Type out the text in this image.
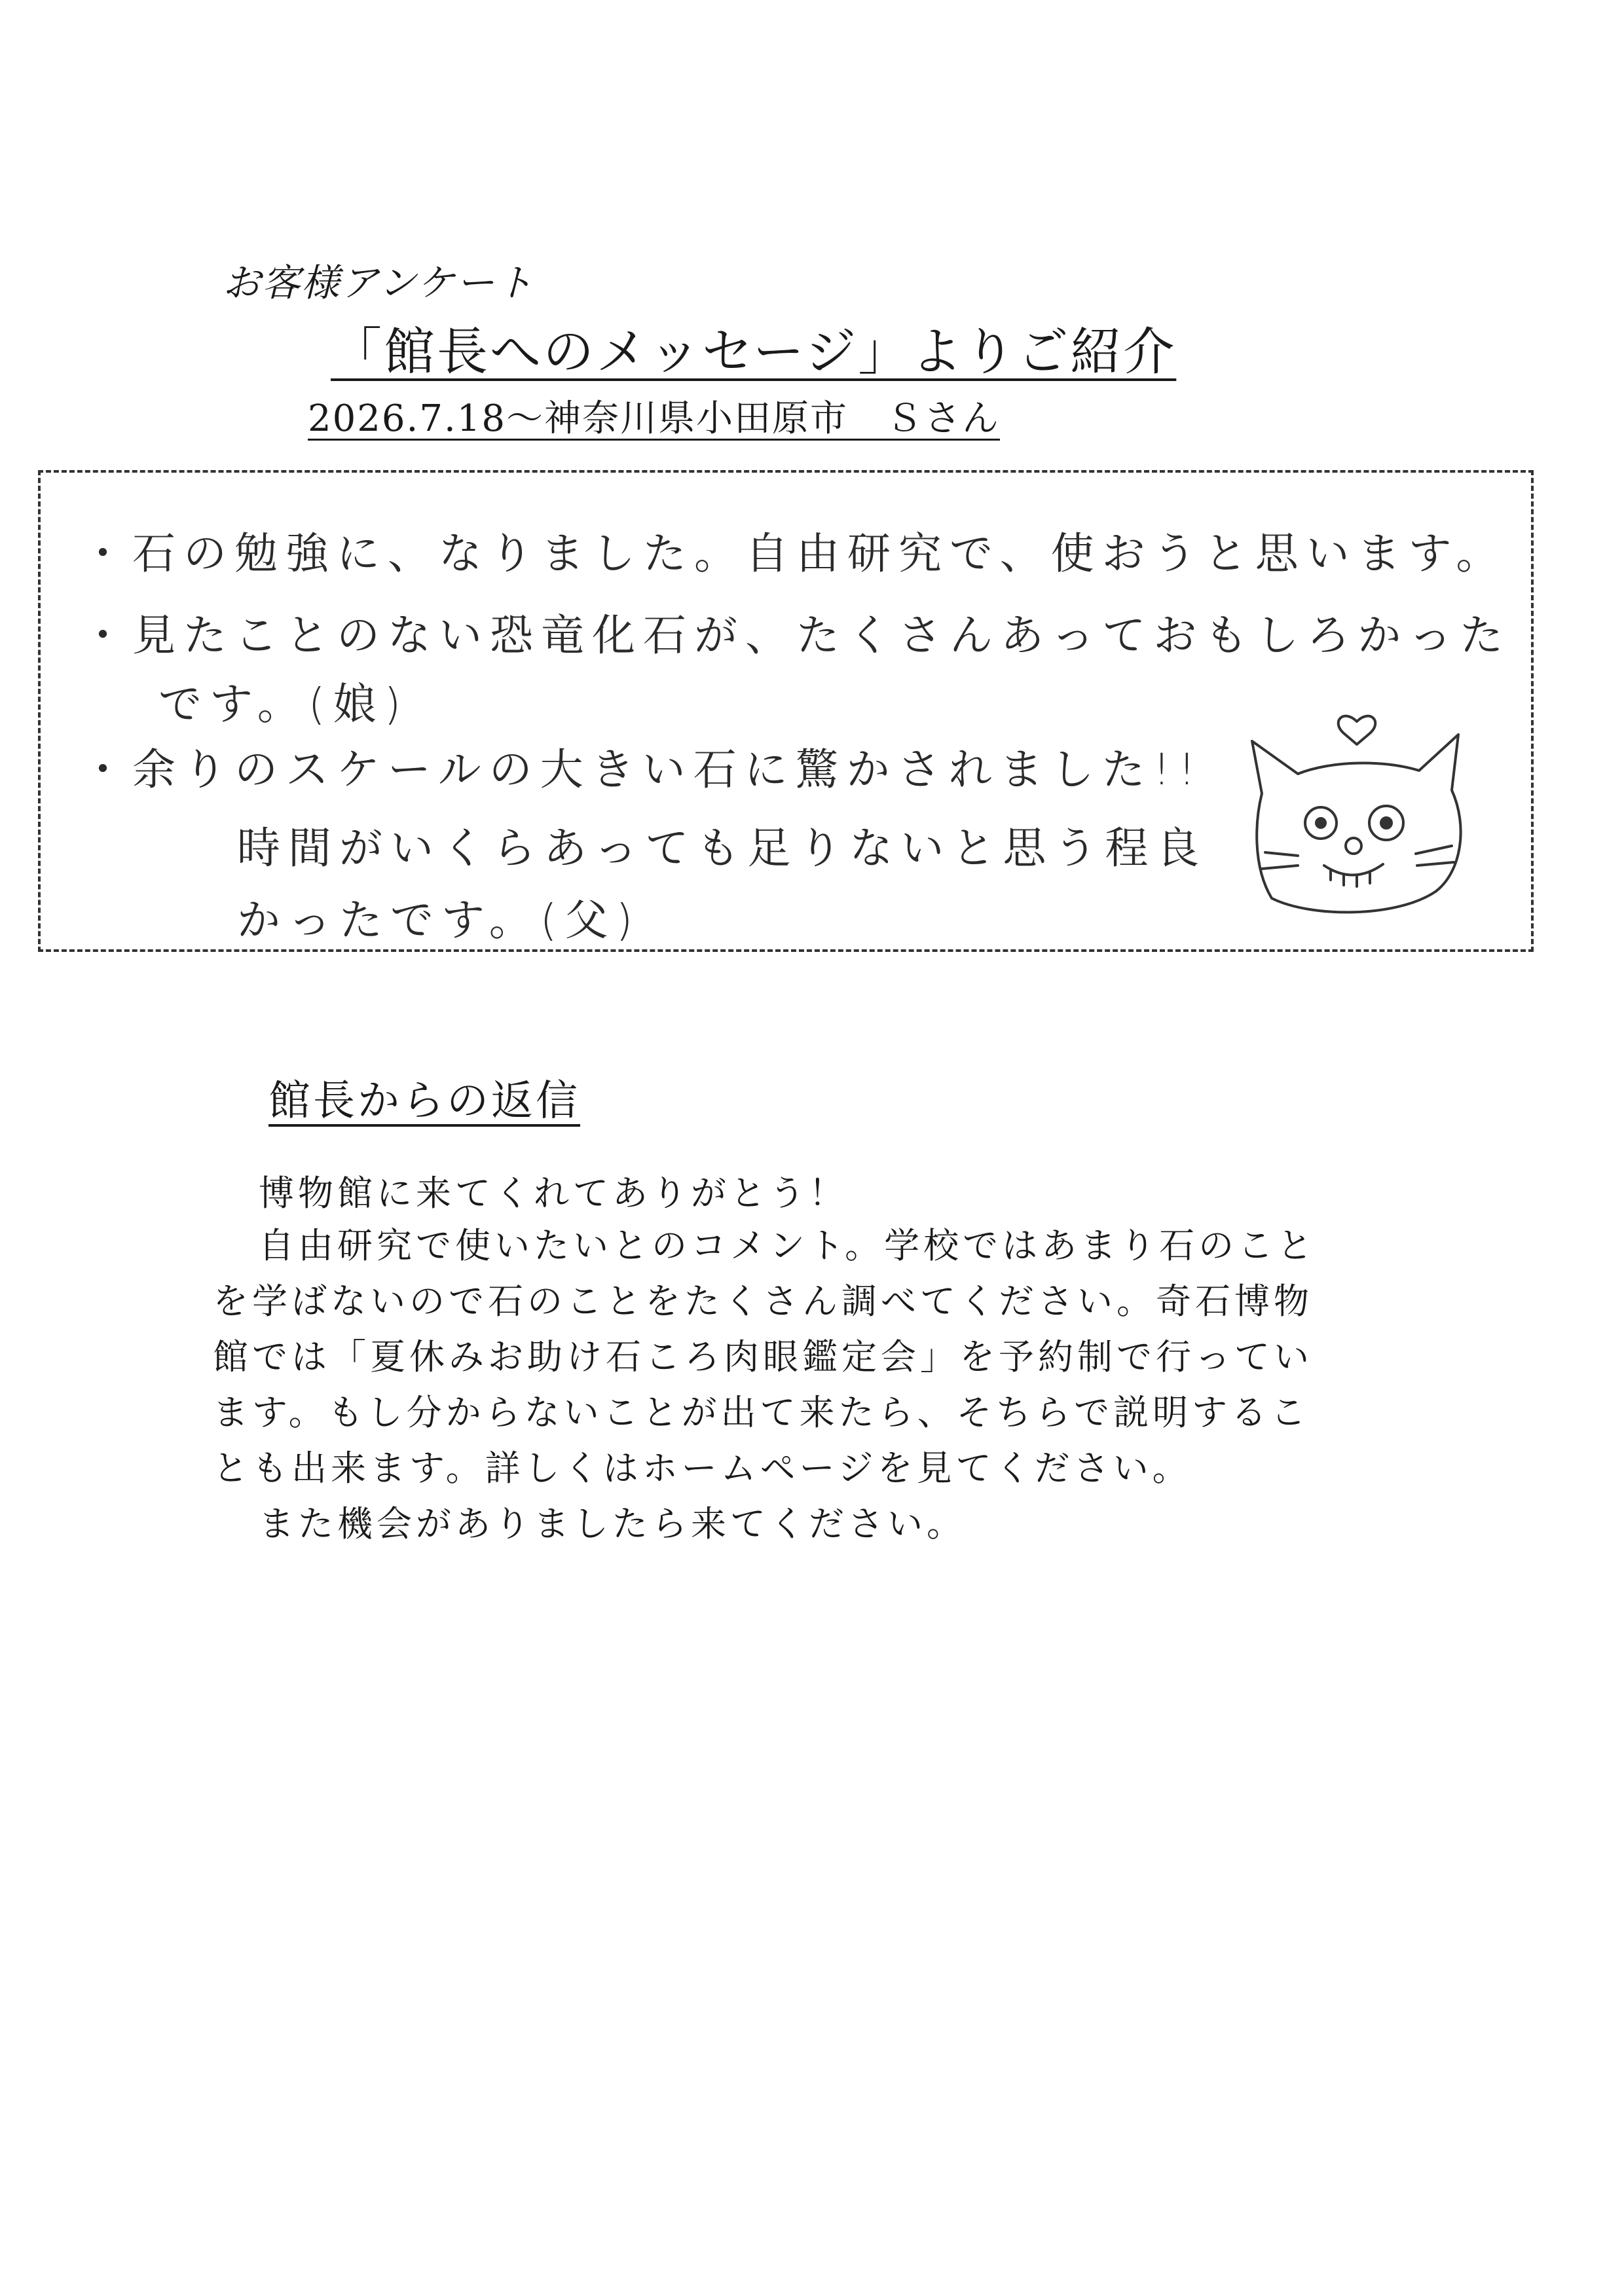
お客様アンケート
「館長へのメッセージ」よりご紹介
2026.7.18〜神奈川県小田原市　Ｓさん
・石の勉強に、なりました。自由研究で、使おうと思います。
・見たことのない恐竜化石が、たくさんあっておもしろかった
です。(娘)
・余りのスケールの大きい石に驚かされました!!
時間がいくらあっても足りないと思う程良
かったです。(父)
館長からの返信
博物館に来てくれてありがとう！
自由研究で使いたいとのコメント。学校ではあまり石のこと
を学ばないので石のことをたくさん調べてください。奇石博物
館では「夏休みお助け石ころ肉眼鑑定会」を予約制で行ってい
ます。もし分からないことが出て来たら、そちらで説明するこ
とも出来ます。詳しくはホームページを見てください。
また機会がありましたら来てください。
